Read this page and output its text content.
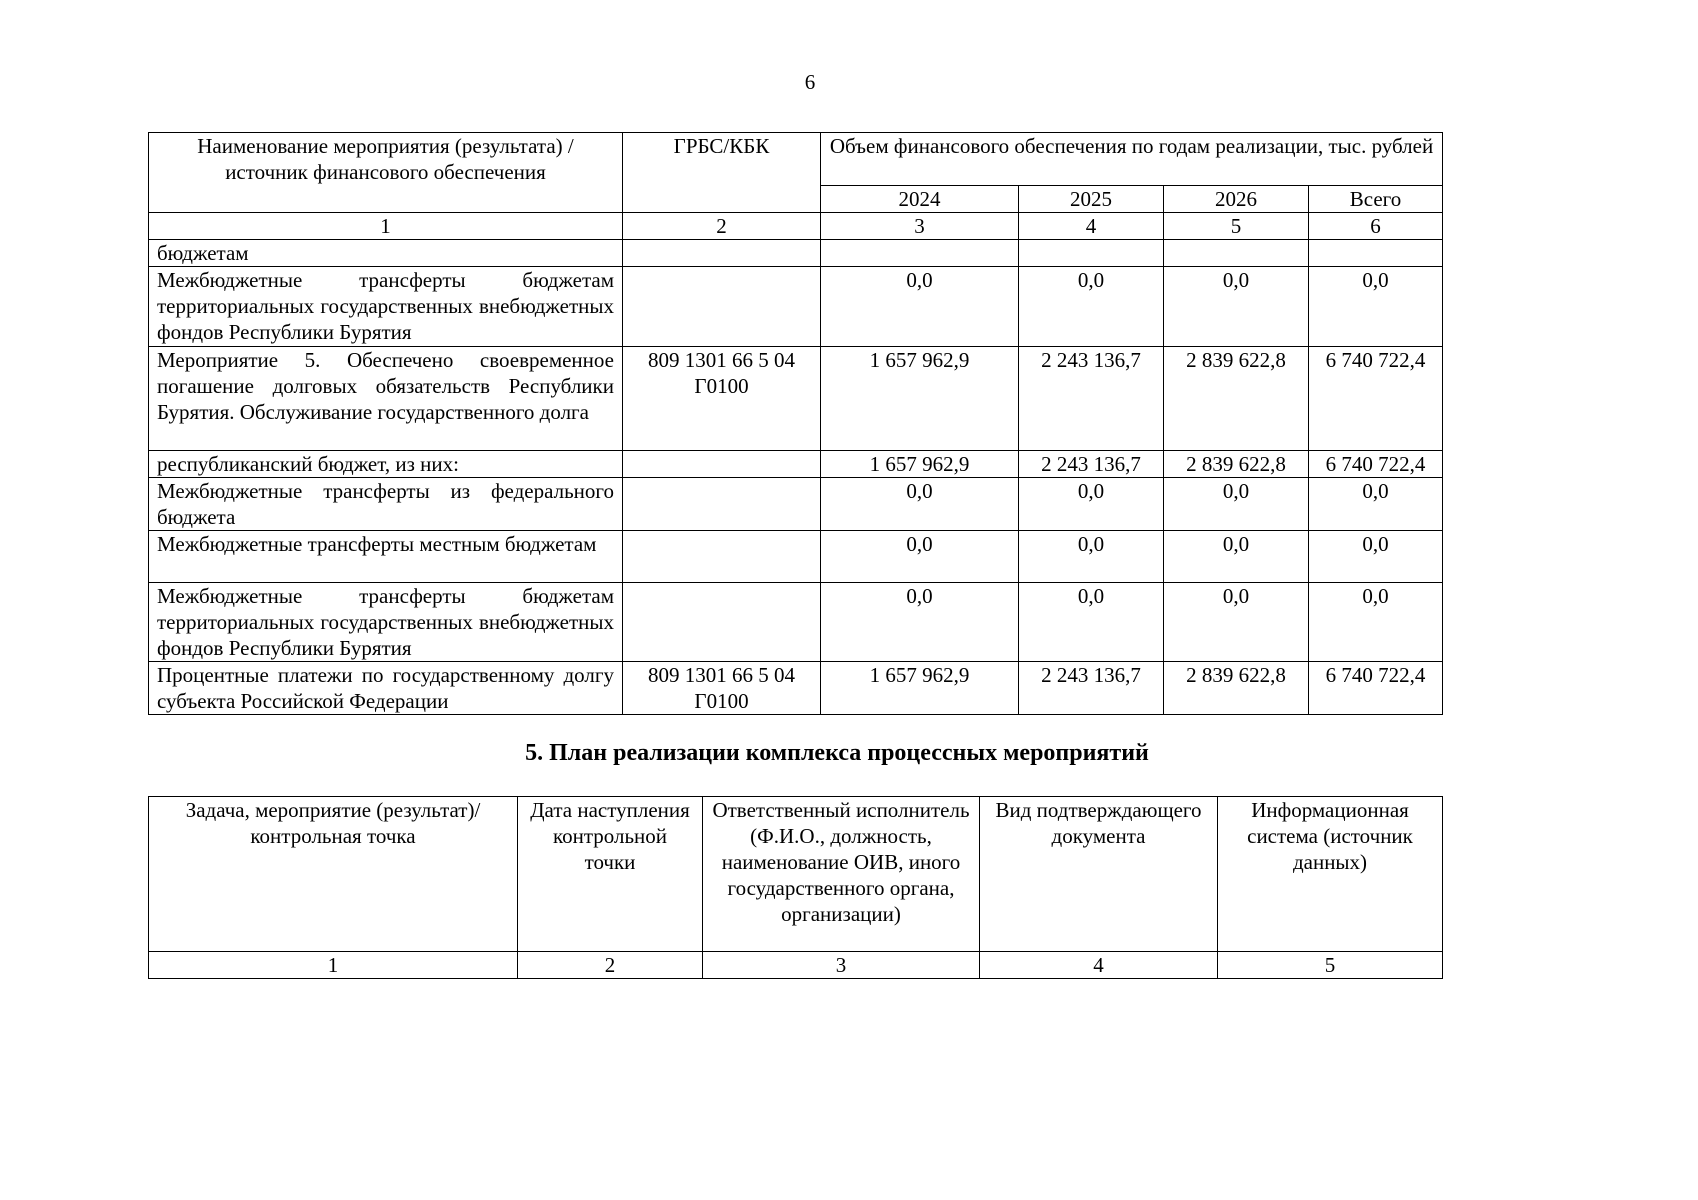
6
Наименование мероприятия (результата) /источник финансового обеспечения	ГРБС/КБК	Объем финансового обеспечения по годам реализации, тыс. рублей			
		2024	2025	2026	Всего
1	2	3	4	5	6
бюджетам					
Межбюджетные трансферты бюджетам территориальных государственных внебюджетных фондов Республики Бурятия		0,0	0,0	0,0	0,0
Мероприятие 5. Обеспечено своевременное погашение долговых обязательств Республики Бурятия. Обслуживание государственного долга	809 1301 66 5 04 Г0100	1 657 962,9	2 243 136,7	2 839 622,8	6 740 722,4
республиканский бюджет, из них:		1 657 962,9	2 243 136,7	2 839 622,8	6 740 722,4
Межбюджетные трансферты из федерального бюджета		0,0	0,0	0,0	0,0
Межбюджетные трансферты местным бюджетам		0,0	0,0	0,0	0,0
Межбюджетные трансферты бюджетам территориальных государственных внебюджетных фондов Республики Бурятия		0,0	0,0	0,0	0,0
Процентные платежи по государственному долгу субъекта Российской Федерации	809 1301 66 5 04 Г0100	1 657 962,9	2 243 136,7	2 839 622,8	6 740 722,4
5. План реализации комплекса процессных мероприятий
Задача, мероприятие (результат)/контрольная точка	Дата наступления контрольной точки	Ответственный исполнитель (Ф.И.О., должность, наименование ОИВ, иного государственного органа, организации)	Вид подтверждающего документа	Информационная система (источник данных)
1	2	3	4	5
